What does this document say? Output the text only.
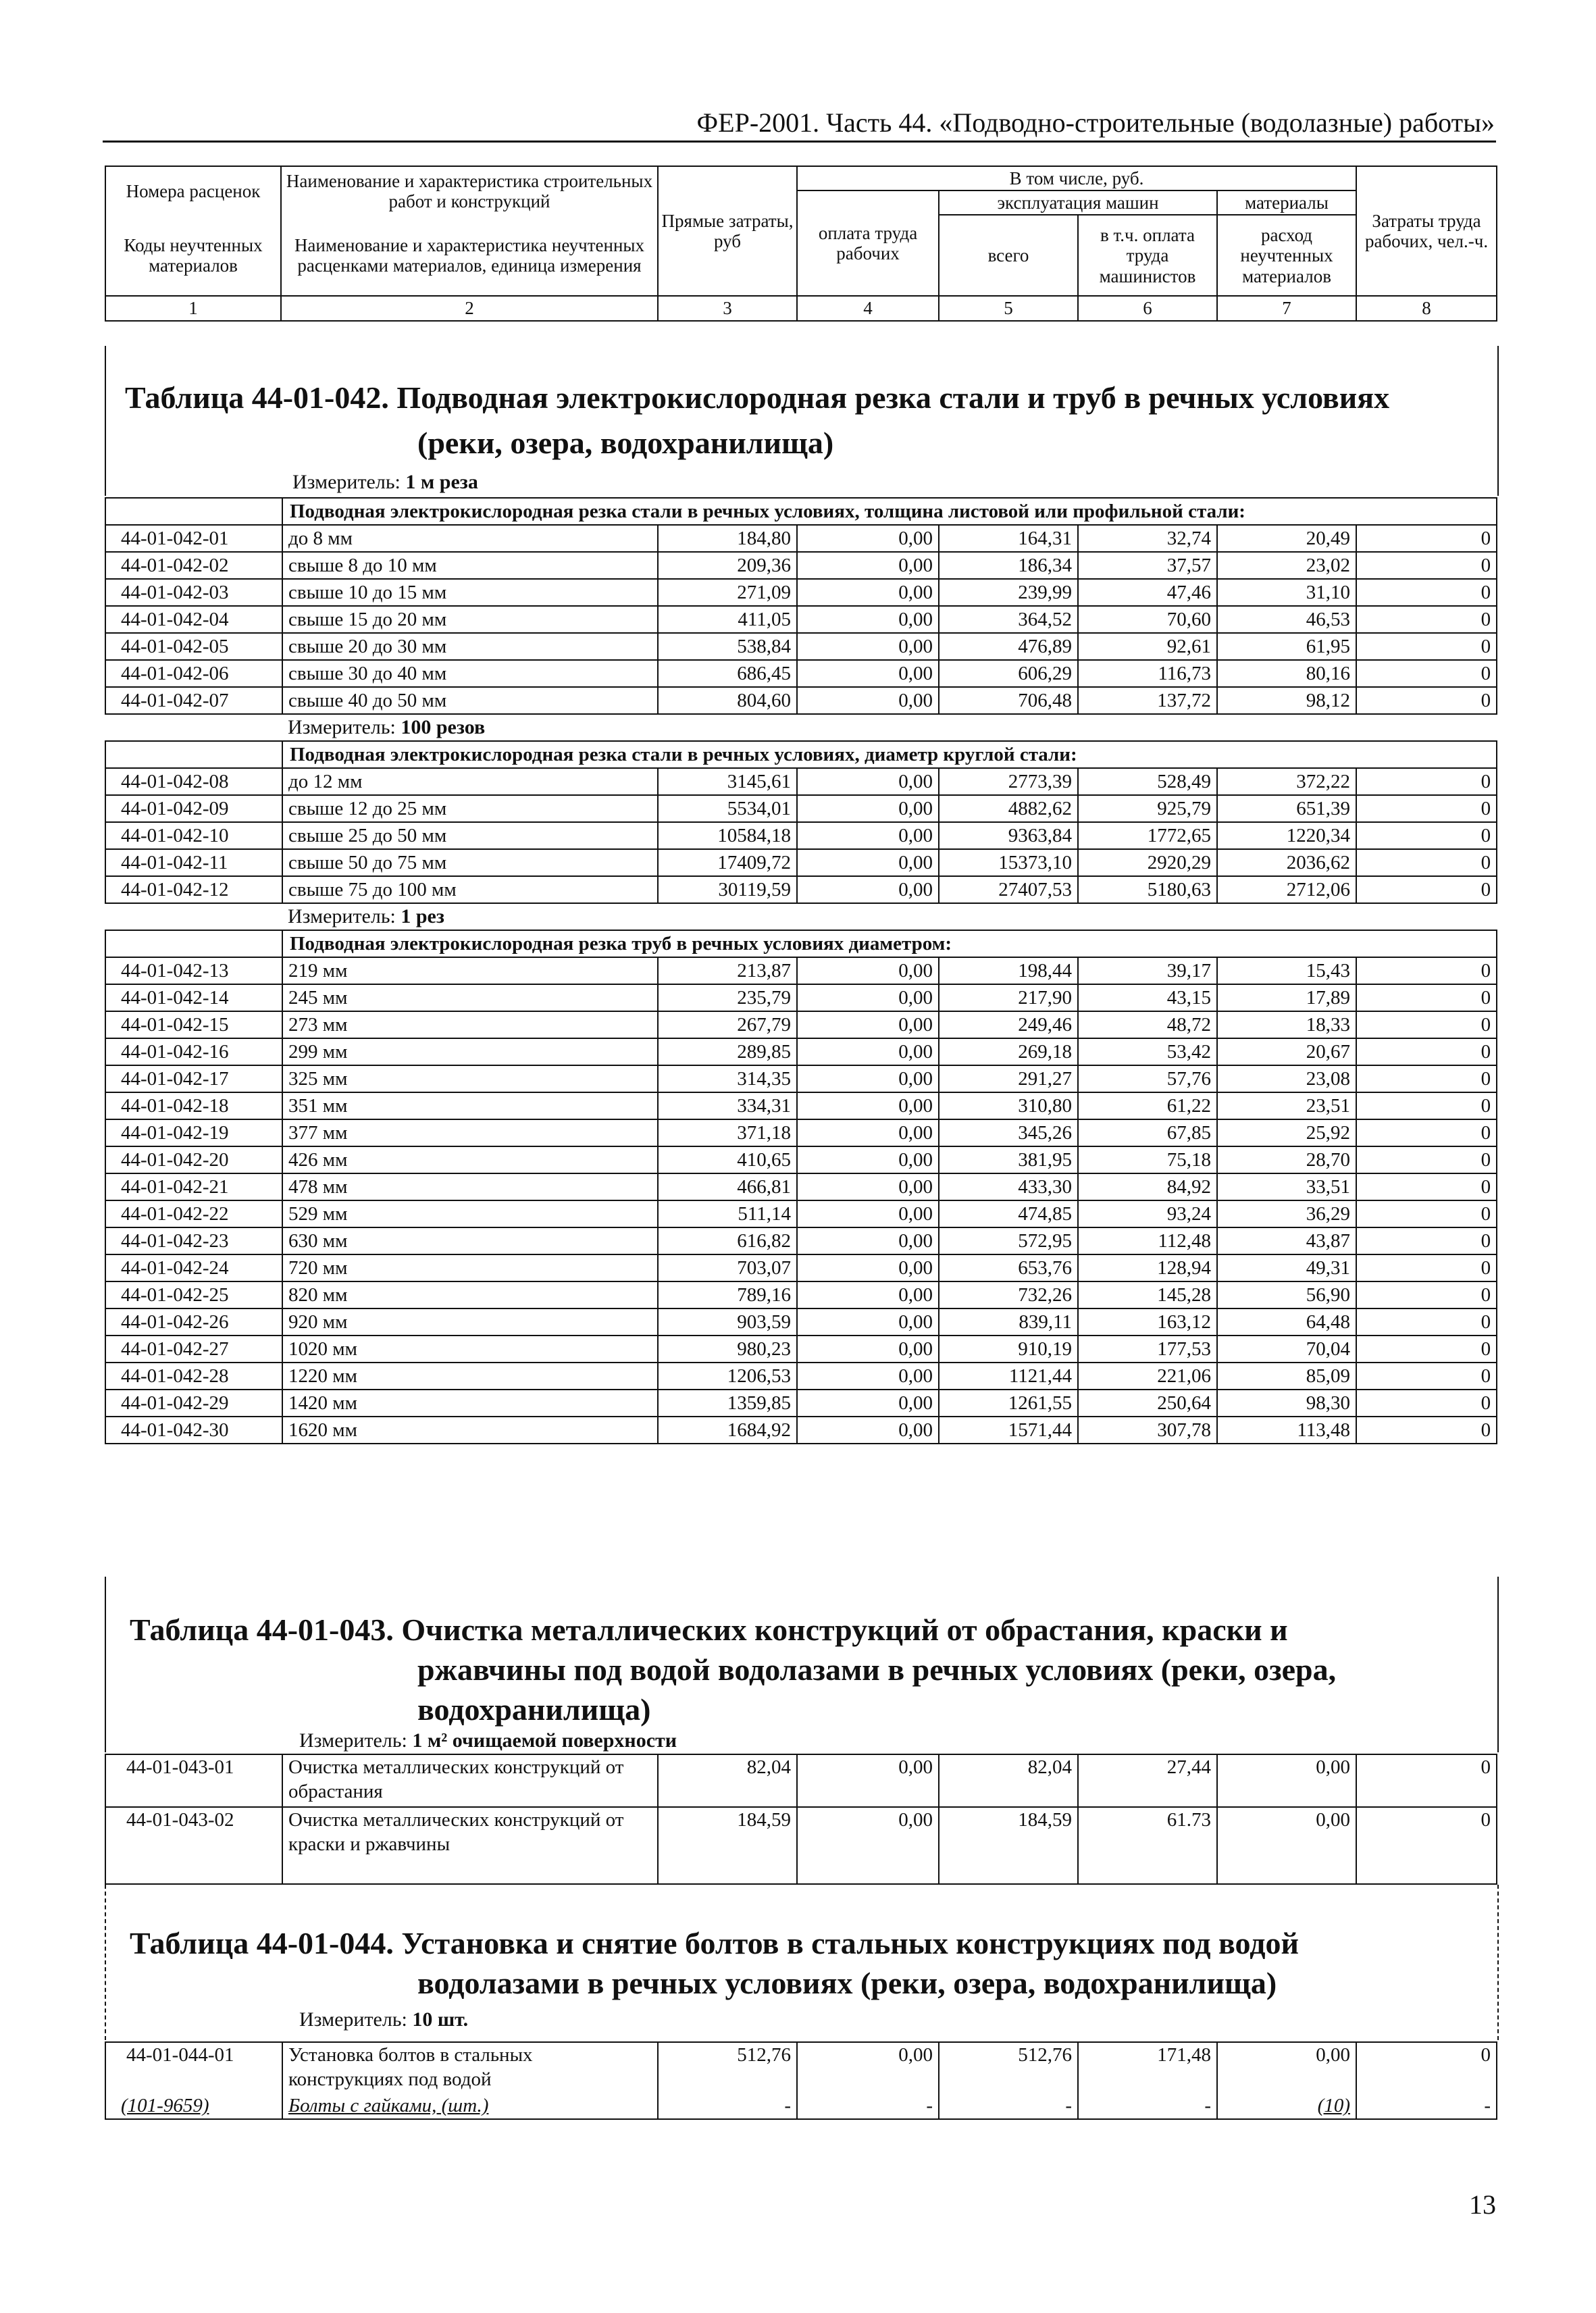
ФЕР-2001. Часть 44. «Подводно-строительные (водолазные) работы»
Номера расценок	Наименование и характеристика строительных работ и конструкций	Прямые затраты, руб	В том числе, руб.				Затраты труда рабочих, чел.-ч.
			оплата труда рабочих	эксплуатация машин		материалы	
Коды неучтенных материалов	Наименование и характеристика неучтенных расценками материалов, единица измерения			всего	в т.ч. оплата труда машинистов	расход неучтенных материалов	

1	2	3	4	5	6	7	8
Таблица 44-01-042. Подводная электрокислородная резка стали и труб в речных условиях
(реки, озера, водохранилища)
Измеритель: 1 м реза
	Подводная электрокислородная резка стали в речных условиях, толщина листовой или профильной стали:						
44-01-042-01	до 8 мм	184,80	0,00	164,31	32,74	20,49	0
44-01-042-02	свыше 8 до 10 мм	209,36	0,00	186,34	37,57	23,02	0
44-01-042-03	свыше 10 до 15 мм	271,09	0,00	239,99	47,46	31,10	0
44-01-042-04	свыше 15 до 20 мм	411,05	0,00	364,52	70,60	46,53	0
44-01-042-05	свыше 20 до 30 мм	538,84	0,00	476,89	92,61	61,95	0
44-01-042-06	свыше 30 до 40 мм	686,45	0,00	606,29	116,73	80,16	0
44-01-042-07	свыше 40 до 50 мм	804,60	0,00	706,48	137,72	98,12	0
	Измеритель: 100 резов						
	Подводная электрокислородная резка стали в речных условиях, диаметр круглой стали:						
44-01-042-08	до 12 мм	3145,61	0,00	2773,39	528,49	372,22	0
44-01-042-09	свыше 12 до 25 мм	5534,01	0,00	4882,62	925,79	651,39	0
44-01-042-10	свыше 25 до 50 мм	10584,18	0,00	9363,84	1772,65	1220,34	0
44-01-042-11	свыше 50 до 75 мм	17409,72	0,00	15373,10	2920,29	2036,62	0
44-01-042-12	свыше 75 до 100 мм	30119,59	0,00	27407,53	5180,63	2712,06	0
	Измеритель: 1 рез						
	Подводная электрокислородная резка труб в речных условиях диаметром:						
44-01-042-13	219 мм	213,87	0,00	198,44	39,17	15,43	0
44-01-042-14	245 мм	235,79	0,00	217,90	43,15	17,89	0
44-01-042-15	273 мм	267,79	0,00	249,46	48,72	18,33	0
44-01-042-16	299 мм	289,85	0,00	269,18	53,42	20,67	0
44-01-042-17	325 мм	314,35	0,00	291,27	57,76	23,08	0
44-01-042-18	351 мм	334,31	0,00	310,80	61,22	23,51	0
44-01-042-19	377 мм	371,18	0,00	345,26	67,85	25,92	0
44-01-042-20	426 мм	410,65	0,00	381,95	75,18	28,70	0
44-01-042-21	478 мм	466,81	0,00	433,30	84,92	33,51	0
44-01-042-22	529 мм	511,14	0,00	474,85	93,24	36,29	0
44-01-042-23	630 мм	616,82	0,00	572,95	112,48	43,87	0
44-01-042-24	720 мм	703,07	0,00	653,76	128,94	49,31	0
44-01-042-25	820 мм	789,16	0,00	732,26	145,28	56,90	0
44-01-042-26	920 мм	903,59	0,00	839,11	163,12	64,48	0
44-01-042-27	1020 мм	980,23	0,00	910,19	177,53	70,04	0
44-01-042-28	1220 мм	1206,53	0,00	1121,44	221,06	85,09	0
44-01-042-29	1420 мм	1359,85	0,00	1261,55	250,64	98,30	0
44-01-042-30	1620 мм	1684,92	0,00	1571,44	307,78	113,48	0
Таблица 44-01-043. Очистка металлических конструкций от обрастания, краски и
ржавчины под водой водолазами в речных условиях (реки, озера,
водохранилища)
Измеритель: 1 м² очищаемой поверхности
44-01-043-01	Очистка металлических конструкций от обрастания	82,04	0,00	82,04	27,44	0,00	0
44-01-043-02	Очистка металлических конструкций от краски и ржавчины	184,59	0,00	184,59	61.73	0,00	0
Таблица 44-01-044. Установка и снятие болтов в стальных конструкциях под водой
водолазами в речных условиях (реки, озера, водохранилища)
Измеритель: 10 шт.
44-01-044-01	Установка болтов в стальных конструкциях под водой	512,76	0,00	512,76	171,48	0,00	0
(101-9659)	Болты с гайками, (шт.)	-	-	-	-	(10)	-
13
